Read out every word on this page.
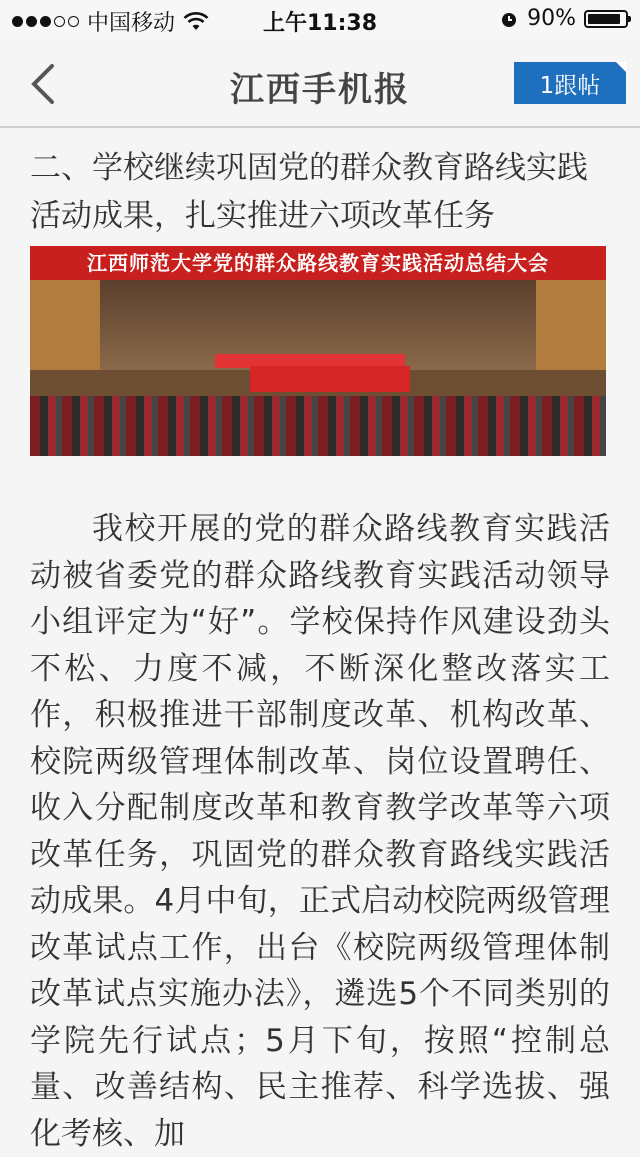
中国移动	上午11:38	90%
江西手机报	1跟帖
二、学校继续巩固党的群众教育路线实践活动成果，扎实推进六项改革任务
江西师范大学党的群众路线教育实践活动总结大会
我校开展的党的群众路线教育实践活动被省委党的群众路线教育实践活动领导小组评定为“好”。学校保持作风建设劲头不松、力度不减，不断深化整改落实工作，积极推进干部制度改革、机构改革、校院两级管理体制改革、岗位设置聘任、收入分配制度改革和教育教学改革等六项改革任务，巩固党的群众教育路线实践活动成果。4月中旬，正式启动校院两级管理改革试点工作，出台《校院两级管理体制改革试点实施办法》，遴选5个不同类别的学院先行试点；5月下旬，按照“控制总量、改善结构、民主推荐、科学选拔、强化考核、加
